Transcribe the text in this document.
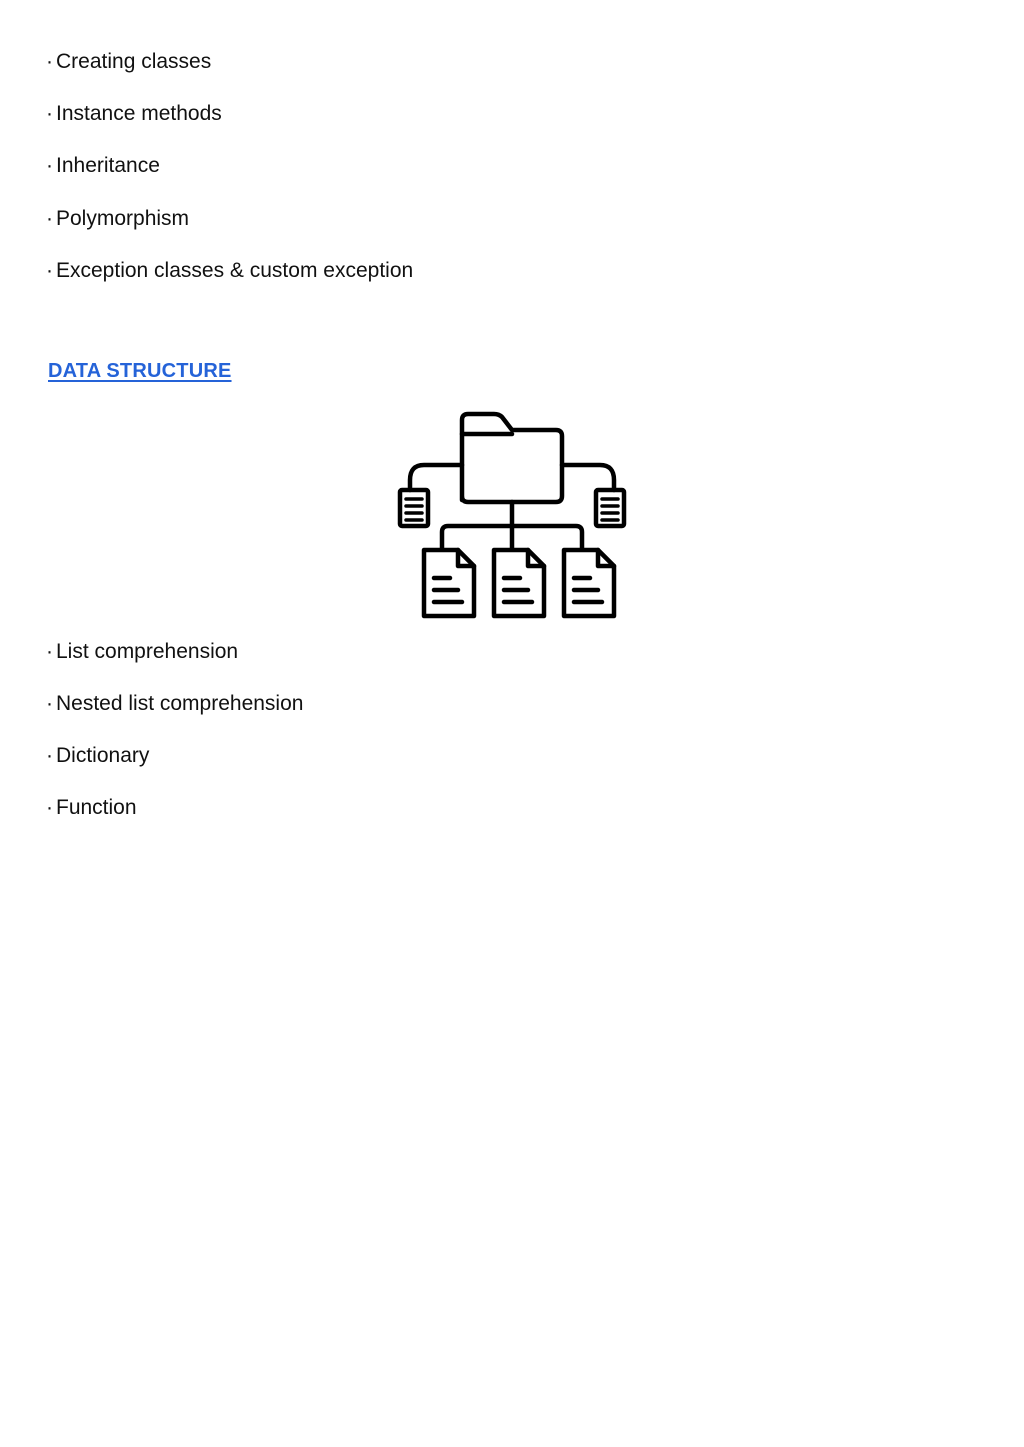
· Creating classes
· Instance methods
· Inheritance
· Polymorphism
· Exception classes & custom exception
DATA STRUCTURE
· List comprehension
· Nested list comprehension
· Dictionary
· Function
